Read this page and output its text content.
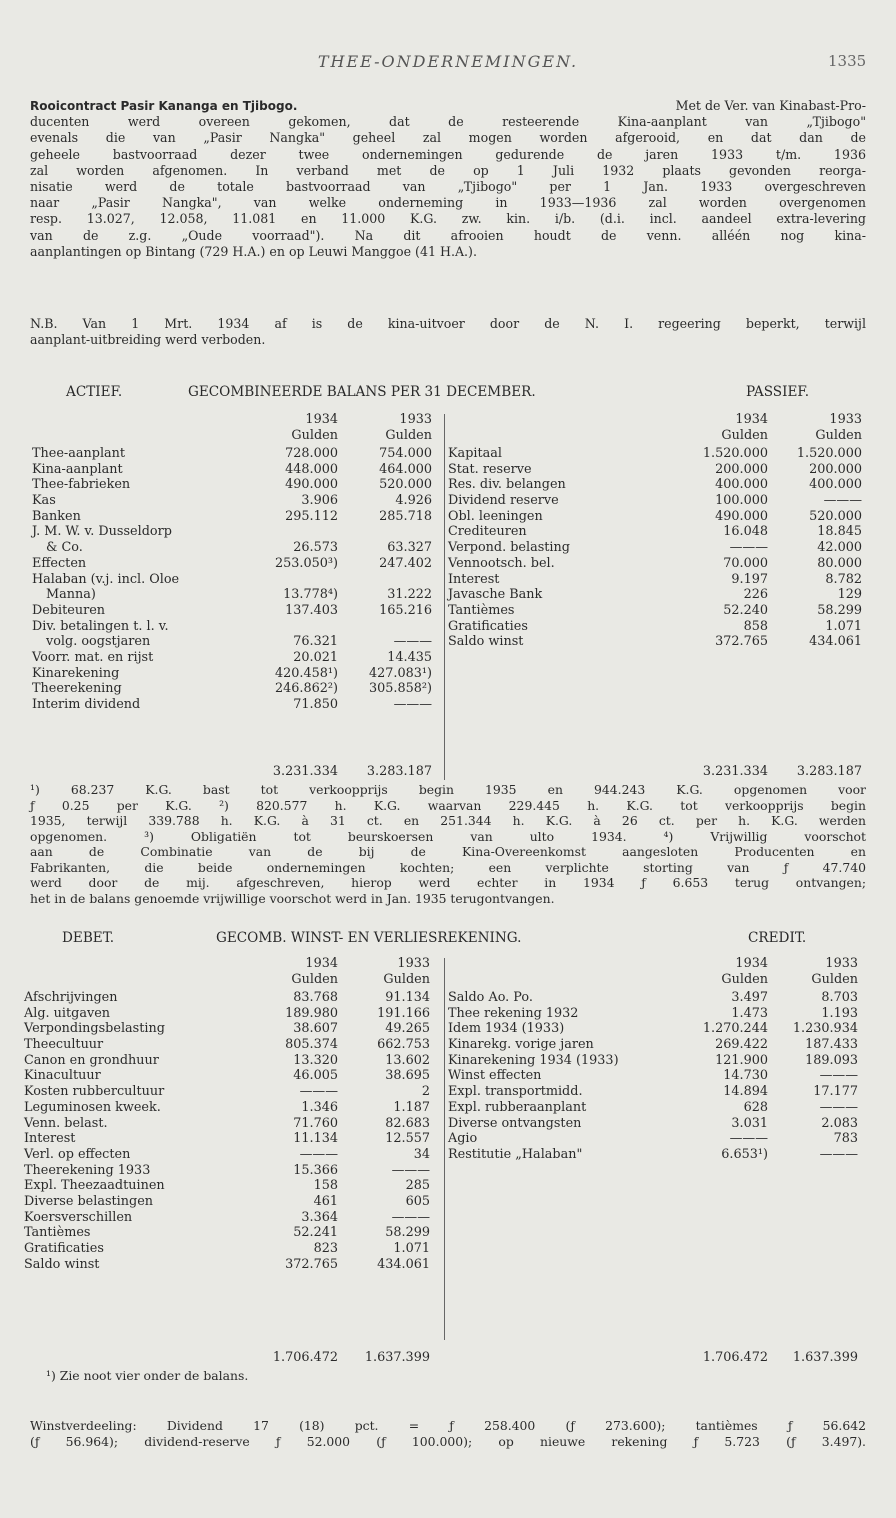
THEE-ONDERNEMINGEN.	1335
Rooicontract Pasir Kananga en Tjibogo.	Met de Ver. van Kinabast-Pro-
ducenten werd overeen gekomen, dat de resteerende Kina-aanplant van „Tjibogo"
evenals die van „Pasir Nangka" geheel zal mogen worden afgerooid, en dat dan de
geheele bastvoorraad dezer twee ondernemingen gedurende de jaren 1933 t/m. 1936
zal worden afgenomen. In verband met de op 1 Juli 1932 plaats gevonden reorga-
nisatie werd de totale bastvoorraad van „Tjibogo" per 1 Jan. 1933 overgeschreven
naar „Pasir Nangka", van welke onderneming in 1933—1936 zal worden overgenomen
resp. 13.027, 12.058, 11.081 en 11.000 K.G. zw. kin. i/b. (d.i. incl. aandeel extra-levering
van de z.g. „Oude voorraad"). Na dit afrooien houdt de venn. alléén nog kina-
aanplantingen op Bintang (729 H.A.) en op Leuwi Manggoe (41 H.A.).
N.B. Van 1 Mrt. 1934 af is de kina-uitvoer door de N. I. regeering beperkt, terwijl
aanplant-uitbreiding werd verboden.
ACTIEF.	GECOMBINEERDE BALANS PER 31 DECEMBER.	PASSIEF.
1934	1933	1934	1933
Gulden	Gulden	Gulden	Gulden
Thee-aanplant	728.000	754.000
Kina-aanplant	448.000	464.000
Thee-fabrieken	490.000	520.000
Kas	3.906	4.926
Banken	295.112	285.718
J. M. W. v. Dusseldorp
& Co.	26.573	63.327
Effecten	253.050³)	247.402
Halaban (v.j. incl. Oloe
Manna)	13.778⁴)	31.222
Debiteuren	137.403	165.216
Div. betalingen t. l. v.
volg. oogstjaren	76.321	———
Voorr. mat. en rijst	20.021	14.435
Kinarekening	420.458¹) 427.083¹)
Theerekening	246.862²) 305.858²)
Interim dividend	71.850	———
Kapitaal	1.520.000 1.520.000
Stat. reserve	200.000	200.000
Res. div. belangen	400.000	400.000
Dividend reserve	100.000	———
Obl. leeningen	490.000	520.000
Crediteuren	16.048	18.845
Verpond. belasting	———	42.000
Vennootsch. bel.	70.000	80.000
Interest	9.197	8.782
Javasche Bank	226	129
Tantièmes	52.240	58.299
Gratificaties	858	1.071
Saldo winst	372.765	434.061
3.231.334	3.283.187	3.231.334	3.283.187
¹) 68.237 K.G. bast tot verkoopprijs begin 1935 en 944.243 K.G. opgenomen voor
ƒ 0.25 per K.G. ²) 820.577 h. K.G. waarvan 229.445 h. K.G. tot verkoopprijs begin
1935, terwijl 339.788 h. K.G. à 31 ct. en 251.344 h. K.G. à 26 ct. per h. K.G. werden
opgenomen. ³) Obligatiën tot beurskoersen van ulto 1934. ⁴) Vrijwillig voorschot
aan de Combinatie van de bij de Kina-Overeenkomst aangesloten Producenten en
Fabrikanten, die beide ondernemingen kochten; een verplichte storting van ƒ 47.740
werd door de mij. afgeschreven, hierop werd echter in 1934 ƒ 6.653 terug ontvangen;
het in de balans genoemde vrijwillige voorschot werd in Jan. 1935 terugontvangen.
DEBET.	GECOMB. WINST- EN VERLIESREKENING.	CREDIT.
1934	1933	1934	1933
Gulden	Gulden	Gulden	Gulden
Afschrijvingen	83.768	91.134
Alg. uitgaven	189.980	191.166
Verpondingsbelasting	38.607	49.265
Theecultuur	805.374	662.753
Canon en grondhuur	13.320	13.602
Kinacultuur	46.005	38.695
Kosten rubbercultuur	———	2
Leguminosen kweek.	1.346	1.187
Venn. belast.	71.760	82.683
Interest	11.134	12.557
Verl. op effecten	———	34
Theerekening 1933	15.366	———
Expl. Theezaadtuinen	158	285
Diverse belastingen	461	605
Koersverschillen	3.364	———
Tantièmes	52.241	58.299
Gratificaties	823	1.071
Saldo winst	372.765	434.061
Saldo Ao. Po.	3.497	8.703
Thee rekening 1932	1.473	1.193
Idem 1934 (1933)	1.270.244 1.230.934
Kinarekg. vorige jaren	269.422	187.433
Kinarekening 1934 (1933)	121.900	189.093
Winst effecten	14.730	———
Expl. transportmidd.	14.894	17.177
Expl. rubberaanplant	628	———
Diverse ontvangsten	3.031	2.083
Agio	———	783
Restitutie „Halaban"	6.653¹)	———
1.706.472	1.637.399	1.706.472	1.637.399
¹) Zie noot vier onder de balans.
Winstverdeeling: Dividend 17 (18) pct. = ƒ 258.400 (ƒ 273.600); tantièmes ƒ 56.642
(ƒ 56.964); dividend-reserve ƒ 52.000 (ƒ 100.000); op nieuwe rekening ƒ 5.723 (ƒ 3.497).
